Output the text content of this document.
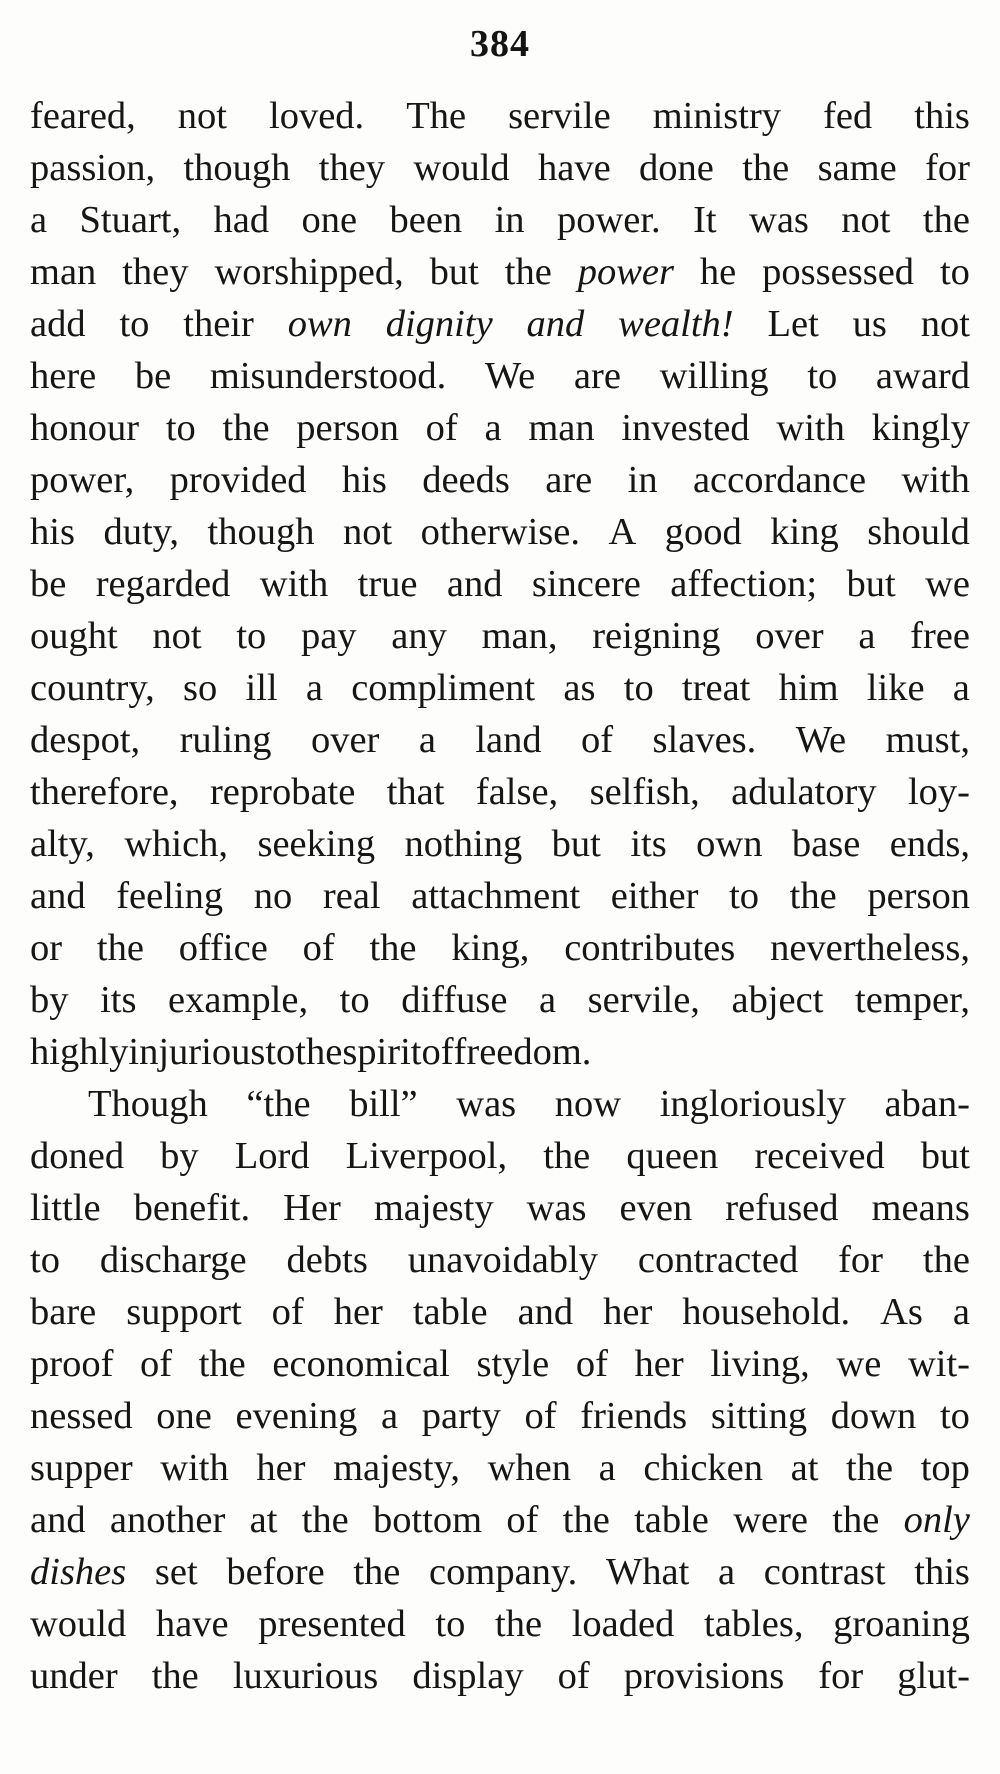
384
feared, not loved. The servile ministry fed this
passion, though they would have done the same for
a Stuart, had one been in power. It was not the
man they worshipped, but the power he possessed to
add to their own dignity and wealth! Let us not
here be misunderstood. We are willing to award
honour to the person of a man invested with kingly
power, provided his deeds are in accordance with
his duty, though not otherwise. A good king should
be regarded with true and sincere affection; but we
ought not to pay any man, reigning over a free
country, so ill a compliment as to treat him like a
despot, ruling over a land of slaves. We must,
therefore, reprobate that false, selfish, adulatory loy-
alty, which, seeking nothing but its own base ends,
and feeling no real attachment either to the person
or the office of the king, contributes nevertheless,
by its example, to diffuse a servile, abject temper,
highly injurious to the spirit of freedom.
Though “the bill” was now ingloriously aban-
doned by Lord Liverpool, the queen received but
little benefit. Her majesty was even refused means
to discharge debts unavoidably contracted for the
bare support of her table and her household. As a
proof of the economical style of her living, we wit-
nessed one evening a party of friends sitting down to
supper with her majesty, when a chicken at the top
and another at the bottom of the table were the only
dishes set before the company. What a contrast this
would have presented to the loaded tables, groaning
under the luxurious display of provisions for glut-
